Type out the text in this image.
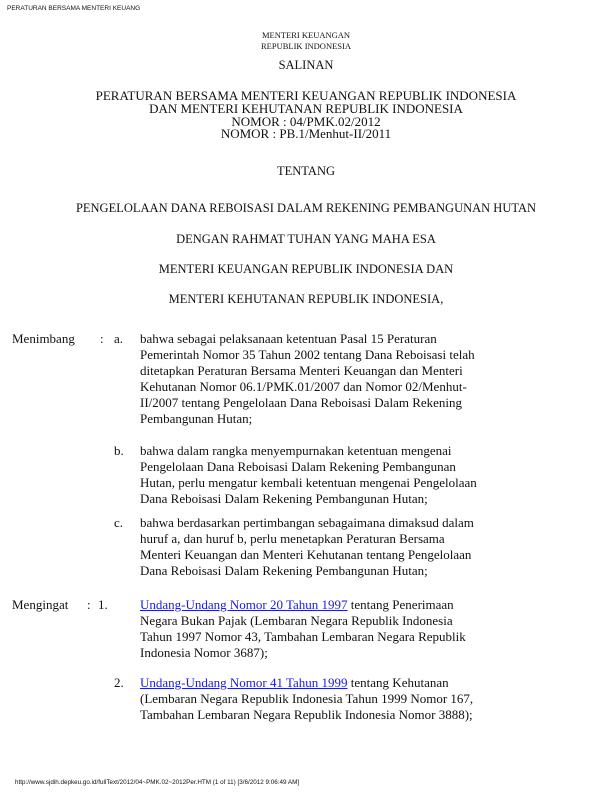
PERATURAN BERSAMA MENTERI KEUANG
MENTERI KEUANGAN
REPUBLIK INDONESIA
SALINAN
PERATURAN BERSAMA MENTERI KEUANGAN REPUBLIK INDONESIA
DAN MENTERI KEHUTANAN REPUBLIK INDONESIA
NOMOR : 04/PMK.02/2012
NOMOR : PB.1/Menhut-II/2011
TENTANG
PENGELOLAAN DANA REBOISASI DALAM REKENING PEMBANGUNAN HUTAN
DENGAN RAHMAT TUHAN YANG MAHA ESA
MENTERI KEUANGAN REPUBLIK INDONESIA DAN
MENTERI KEHUTANAN REPUBLIK INDONESIA,
Menimbang : a. bahwa sebagai pelaksanaan ketentuan Pasal 15 Peraturan
Pemerintah Nomor 35 Tahun 2002 tentang Dana Reboisasi telah
ditetapkan Peraturan Bersama Menteri Keuangan dan Menteri
Kehutanan Nomor 06.1/PMK.01/2007 dan Nomor 02/Menhut-
II/2007 tentang Pengelolaan Dana Reboisasi Dalam Rekening
Pembangunan Hutan;
b. bahwa dalam rangka menyempurnakan ketentuan mengenai
Pengelolaan Dana Reboisasi Dalam Rekening Pembangunan
Hutan, perlu mengatur kembali ketentuan mengenai Pengelolaan
Dana Reboisasi Dalam Rekening Pembangunan Hutan;
c. bahwa berdasarkan pertimbangan sebagaimana dimaksud dalam
huruf a, dan huruf b, perlu menetapkan Peraturan Bersama
Menteri Keuangan dan Menteri Kehutanan tentang Pengelolaan
Dana Reboisasi Dalam Rekening Pembangunan Hutan;
Mengingat : 1. Undang-Undang Nomor 20 Tahun 1997 tentang Penerimaan
Negara Bukan Pajak (Lembaran Negara Republik Indonesia
Tahun 1997 Nomor 43, Tambahan Lembaran Negara Republik
Indonesia Nomor 3687);
2. Undang-Undang Nomor 41 Tahun 1999 tentang Kehutanan
(Lembaran Negara Republik Indonesia Tahun 1999 Nomor 167,
Tambahan Lembaran Negara Republik Indonesia Nomor 3888);
http://www.sjdih.depkeu.go.id/fullText/2012/04~PMK.02~2012Per.HTM (1 of 11) [3/6/2012 9:06:49 AM]
